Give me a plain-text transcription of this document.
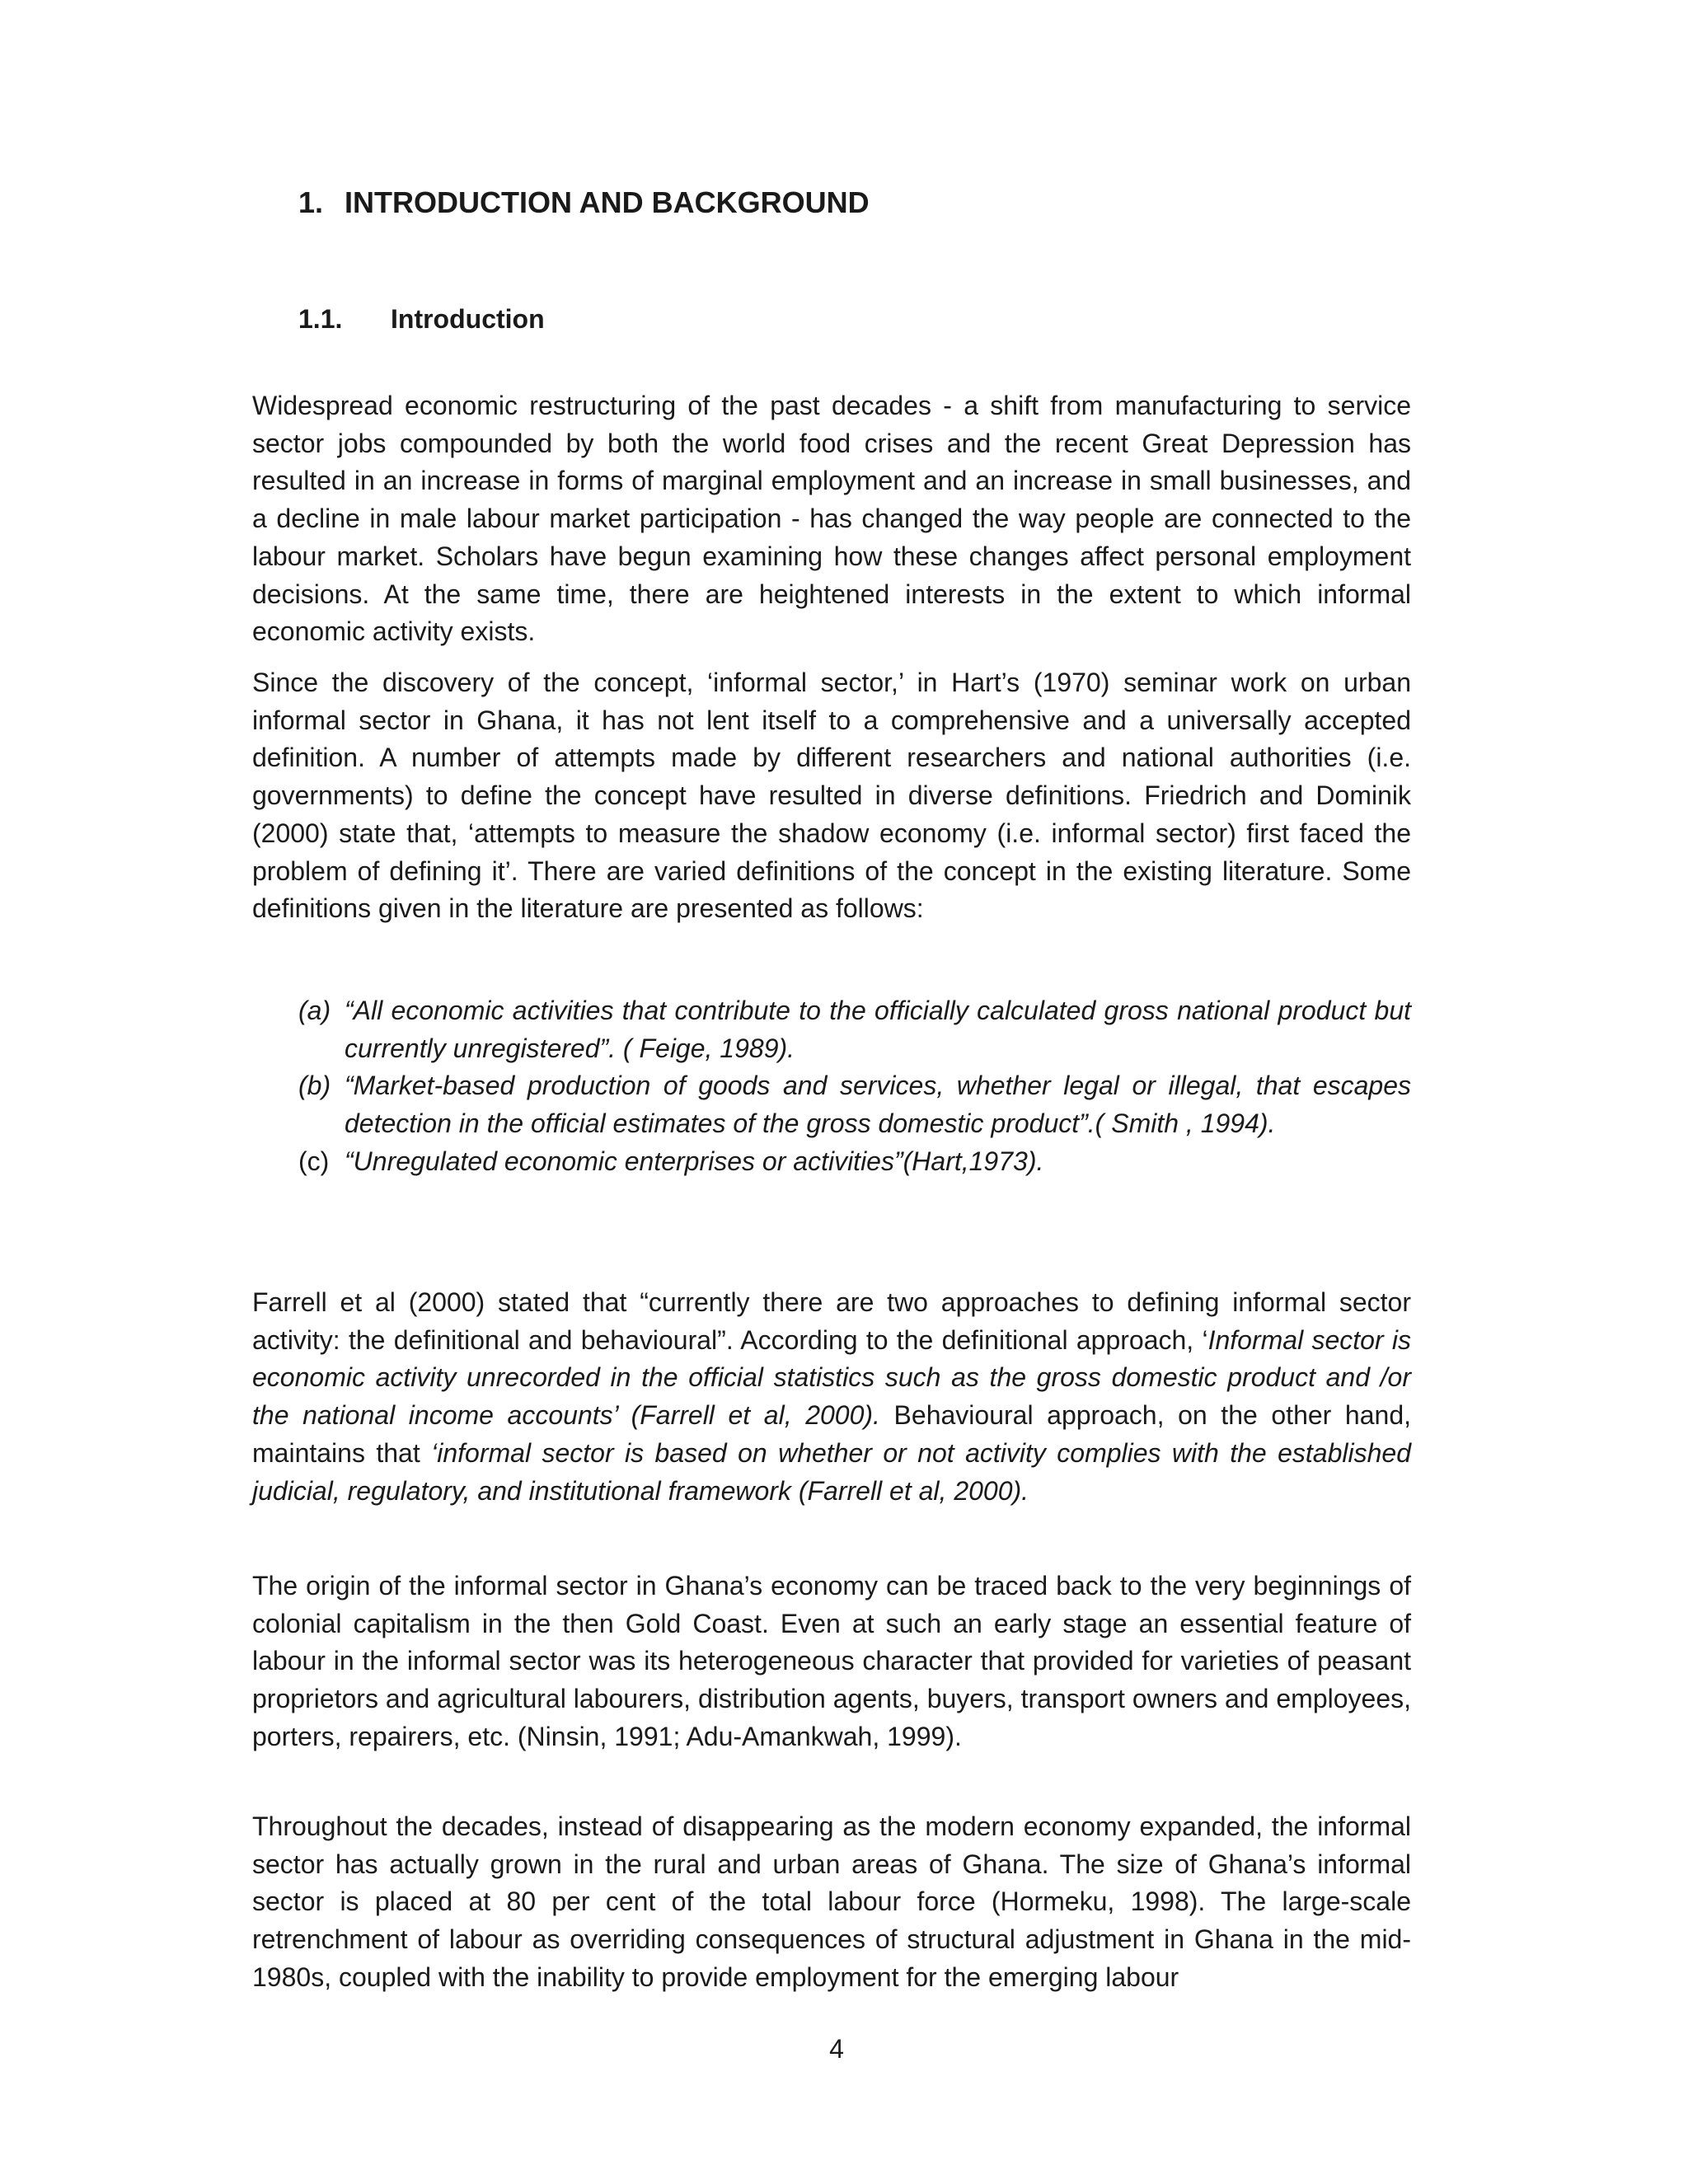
1. INTRODUCTION AND BACKGROUND
1.1. Introduction

Widespread economic restructuring of the past decades - a shift from manufacturing to service sector jobs compounded by both the world food crises and the recent Great Depression has resulted in an increase in forms of marginal employment and an increase in small businesses, and a decline in male labour market participation - has changed the way people are connected to the labour market. Scholars have begun examining how these changes affect personal employment decisions. At the same time, there are heightened interests in the extent to which informal economic activity exists.

Since the discovery of the concept, ‘informal sector,’ in Hart’s (1970) seminar work on urban informal sector in Ghana, it has not lent itself to a comprehensive and a universally accepted definition. A number of attempts made by different researchers and national authorities (i.e. governments) to define the concept have resulted in diverse definitions. Friedrich and Dominik (2000) state that, ‘attempts to measure the shadow economy (i.e. informal sector) first faced the problem of defining it’. There are varied definitions of the concept in the existing literature. Some definitions given in the literature are presented as follows:

(a) “All economic activities that contribute to the officially calculated gross national product but currently unregistered”. ( Feige, 1989).
(b) “Market-based production of goods and services, whether legal or illegal, that escapes detection in the official estimates of the gross domestic product”.( Smith , 1994).
(c) “Unregulated economic enterprises or activities”(Hart,1973).

Farrell et al (2000) stated that “currently there are two approaches to defining informal sector activity: the definitional and behavioural”. According to the definitional approach, ‘Informal sector is economic activity unrecorded in the official statistics such as the gross domestic product and /or the national income accounts’ (Farrell et al, 2000). Behavioural approach, on the other hand, maintains that ‘informal sector is based on whether or not activity complies with the established judicial, regulatory, and institutional framework (Farrell et al, 2000).

The origin of the informal sector in Ghana’s economy can be traced back to the very beginnings of colonial capitalism in the then Gold Coast. Even at such an early stage an essential feature of labour in the informal sector was its heterogeneous character that provided for varieties of peasant proprietors and agricultural labourers, distribution agents, buyers, transport owners and employees, porters, repairers, etc. (Ninsin, 1991; Adu-Amankwah, 1999).

Throughout the decades, instead of disappearing as the modern economy expanded, the informal sector has actually grown in the rural and urban areas of Ghana. The size of Ghana’s informal sector is placed at 80 per cent of the total labour force (Hormeku, 1998). The large-scale retrenchment of labour as overriding consequences of structural adjustment in Ghana in the mid-1980s, coupled with the inability to provide employment for the emerging labour

4
